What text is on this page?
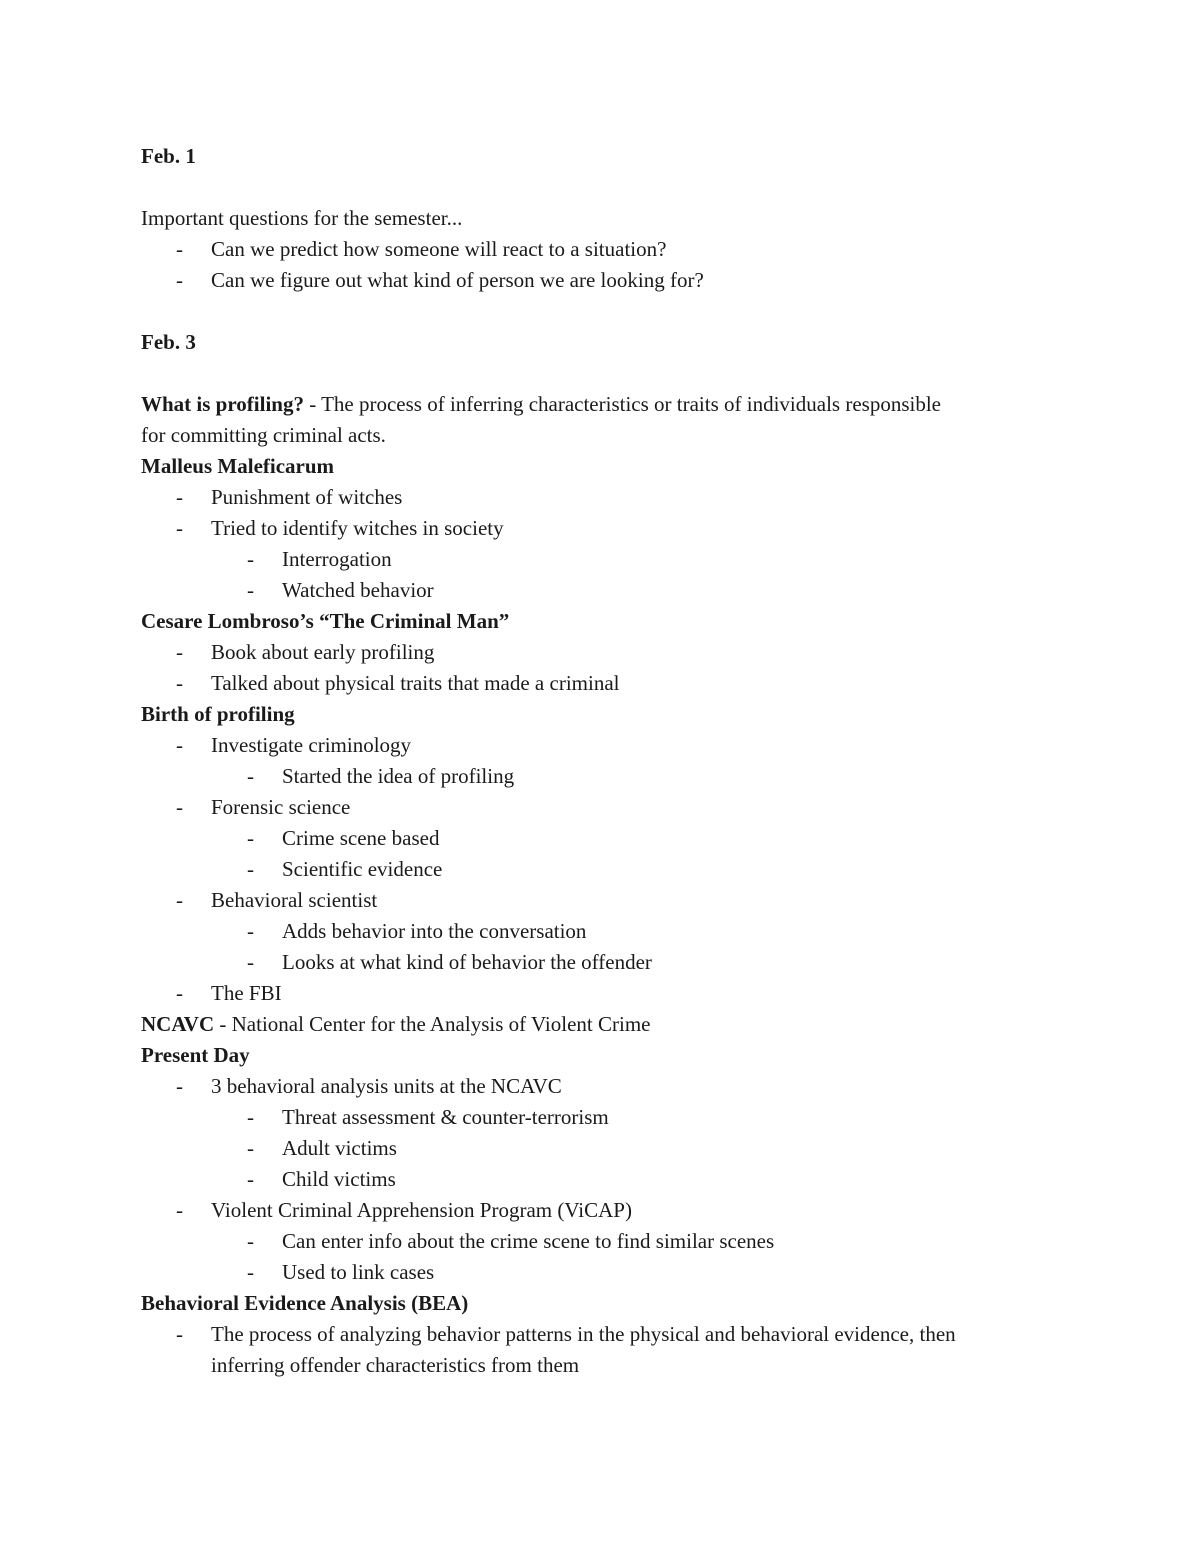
Feb. 1
Important questions for the semester...
- Can we predict how someone will react to a situation?
- Can we figure out what kind of person we are looking for?
Feb. 3
What is profiling? - The process of inferring characteristics or traits of individuals responsible
for committing criminal acts.
Malleus Maleficarum
- Punishment of witches
- Tried to identify witches in society
- Interrogation
- Watched behavior
Cesare Lombroso’s “The Criminal Man”
- Book about early profiling
- Talked about physical traits that made a criminal
Birth of profiling
- Investigate criminology
- Started the idea of profiling
- Forensic science
- Crime scene based
- Scientific evidence
- Behavioral scientist
- Adds behavior into the conversation
- Looks at what kind of behavior the offender
- The FBI
NCAVC - National Center for the Analysis of Violent Crime
Present Day
- 3 behavioral analysis units at the NCAVC
- Threat assessment & counter-terrorism
- Adult victims
- Child victims
- Violent Criminal Apprehension Program (ViCAP)
- Can enter info about the crime scene to find similar scenes
- Used to link cases
Behavioral Evidence Analysis (BEA)
- The process of analyzing behavior patterns in the physical and behavioral evidence, then
inferring offender characteristics from them
